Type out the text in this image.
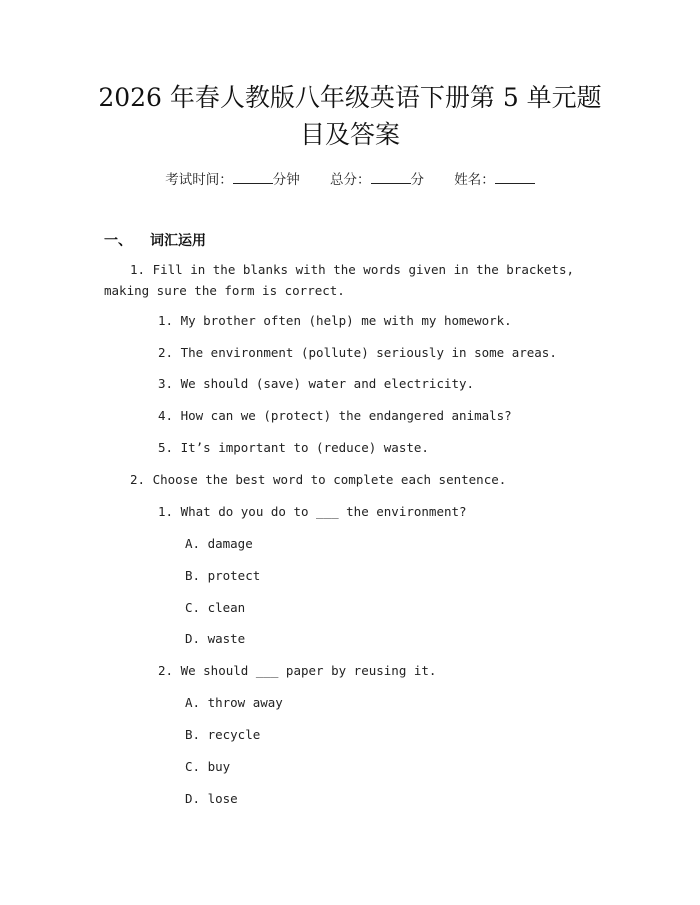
2026 年春人教版八年级英语下册第 5 单元题
目及答案
考试时间：	分钟 总分：	分 姓名：
一、 词汇运用
1. Fill in the blanks with the words given in the brackets, making sure the form is correct.
1. My brother often (help) me with my homework.
2. The environment (pollute) seriously in some areas.
3. We should (save) water and electricity.
4. How can we (protect) the endangered animals?
5. It’s important to (reduce) waste.
2. Choose the best word to complete each sentence.
1. What do you do to ___ the environment?
A. damage
B. protect
C. clean
D. waste
2. We should ___ paper by reusing it.
A. throw away
B. recycle
C. buy
D. lose
